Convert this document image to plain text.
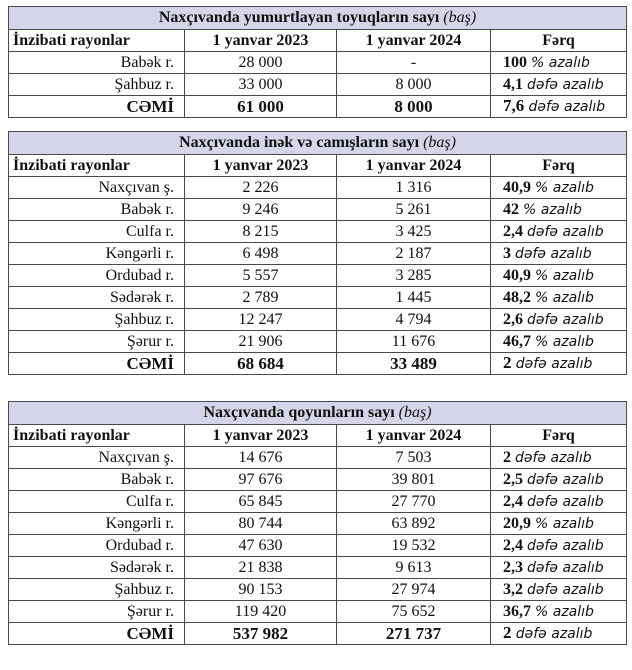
Naxçıvanda yumurtlayan toyuqların sayı (baş)			
İnzibati rayonlar	1 yanvar 2023	1 yanvar 2024	Fərq
Babək r.	28 000	-	100 % azalıb
Şahbuz r.	33 000	8 000	4,1 dəfə azalıb
CƏMİ	61 000	8 000	7,6 dəfə azalıb
Naxçıvanda inək və camışların sayı (baş)			
İnzibati rayonlar	1 yanvar 2023	1 yanvar 2024	Fərq
Naxçıvan ş.	2 226	1 316	40,9 % azalıb
Babək r.	9 246	5 261	42 % azalıb
Culfa r.	8 215	3 425	2,4 dəfə azalıb
Kəngərli r.	6 498	2 187	3 dəfə azalıb
Ordubad r.	5 557	3 285	40,9 % azalıb
Sədərək r.	2 789	1 445	48,2 % azalıb
Şahbuz r.	12 247	4 794	2,6 dəfə azalıb
Şərur r.	21 906	11 676	46,7 % azalıb
CƏMİ	68 684	33 489	2 dəfə azalıb
Naxçıvanda qoyunların sayı (baş)			
İnzibati rayonlar	1 yanvar 2023	1 yanvar 2024	Fərq
Naxçıvan ş.	14 676	7 503	2 dəfə azalıb
Babək r.	97 676	39 801	2,5 dəfə azalıb
Culfa r.	65 845	27 770	2,4 dəfə azalıb
Kəngərli r.	80 744	63 892	20,9 % azalıb
Ordubad r.	47 630	19 532	2,4 dəfə azalıb
Sədərək r.	21 838	9 613	2,3 dəfə azalıb
Şahbuz r.	90 153	27 974	3,2 dəfə azalıb
Şərur r.	119 420	75 652	36,7 % azalıb
CƏMİ	537 982	271 737	2 dəfə azalıb
